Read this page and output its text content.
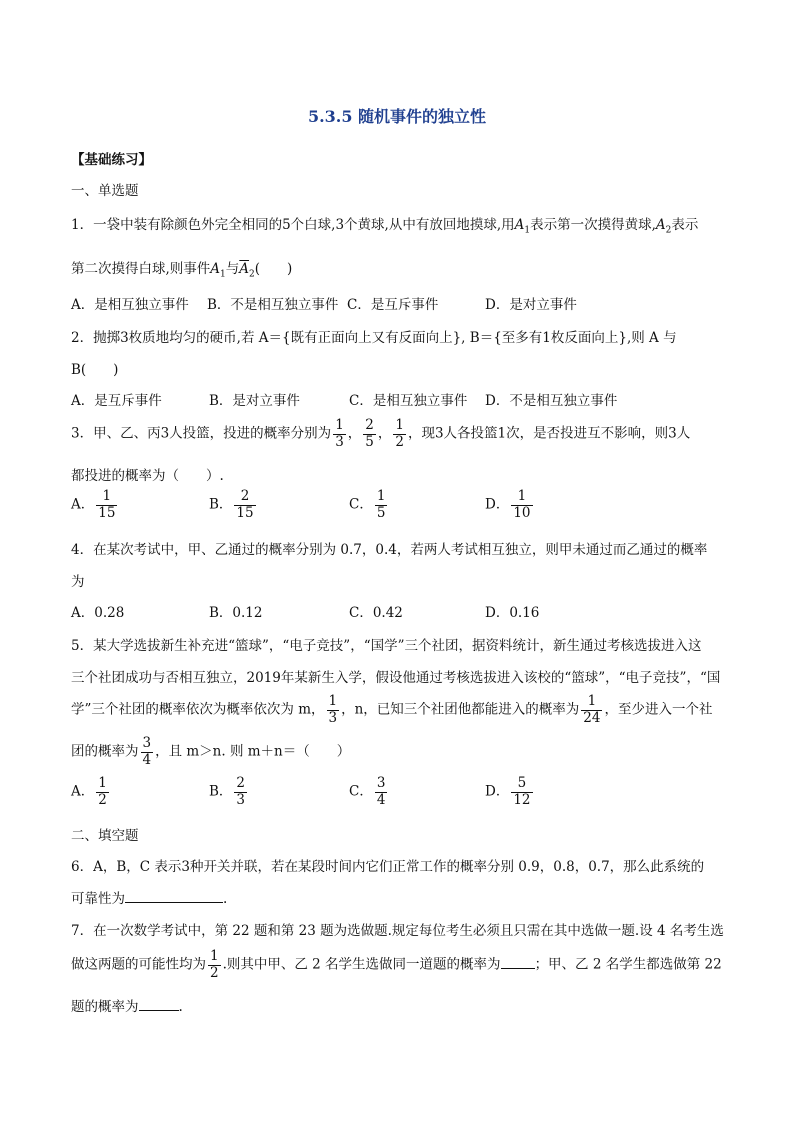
5.3.5 随机事件的独立性
【基础练习】
一、单选题
1．一袋中装有除颜色外完全相同的5个白球,3个黄球,从中有放回地摸球,用$A_1$表示第一次摸得黄球$,A_2$表示
第二次摸得白球,则事件$A_1$与$\overline{A}_2$(　　)
A．是相互独立事件 B．不是相互独立事件 C．是互斥事件	D．是对立事件
2．抛掷3枚质地均匀的硬币,若 A＝{既有正面向上又有反面向上}, B＝{至多有1枚反面向上},则 A 与
B(　　)
A．是互斥事件	B．是对立事件	C．是相互独立事件 D．不是相互独立事件
3．甲、乙、丙3人投篮，投进的概率分别为 $\frac{1}{3}$ ， $\frac{2}{5}$ ， $\frac{1}{2}$ ，现3人各投篮1次，是否投进互不影响，则3人
都投进的概率为（　　）.
A． $\frac{1}{15}$	B． $\frac{2}{15}$	C． $\frac{1}{5}$	D． $\frac{1}{10}$
4．在某次考试中，甲、乙通过的概率分别为 0.7，0.4，若两人考试相互独立，则甲未通过而乙通过的概率
为
A．0.28	B．0.12	C．0.42	D．0.16
5．某大学选拔新生补充进“篮球”，“电子竞技”，“国学”三个社团，据资料统计，新生通过考核选拔进入这
三个社团成功与否相互独立，2019年某新生入学，假设他通过考核选拔进入该校的“篮球”，“电子竞技”，“国
学”三个社团的概率依次为概率依次为 m， $\frac{1}{3}$ ，n，已知三个社团他都能进入的概率为 $\frac{1}{24}$ ，至少进入一个社
团的概率为 $\frac{3}{4}$ ，且 m＞n. 则 m＋n＝（　　）
A． $\frac{1}{2}$	B． $\frac{2}{3}$	C． $\frac{3}{4}$	D． $\frac{5}{12}$
二、填空题
6．A，B，C 表示3种开关并联，若在某段时间内它们正常工作的概率分别 0.9，0.8，0.7，那么此系统的
可靠性为	.
7．在一次数学考试中，第 22 题和第 23 题为选做题.规定每位考生必须且只需在其中选做一题.设 4 名考生选
做这两题的可能性均为 $\frac{1}{2}$ .则其中甲、乙 2 名学生选做同一道题的概率为	；甲、乙 2 名学生都选做第 22
题的概率为	.
